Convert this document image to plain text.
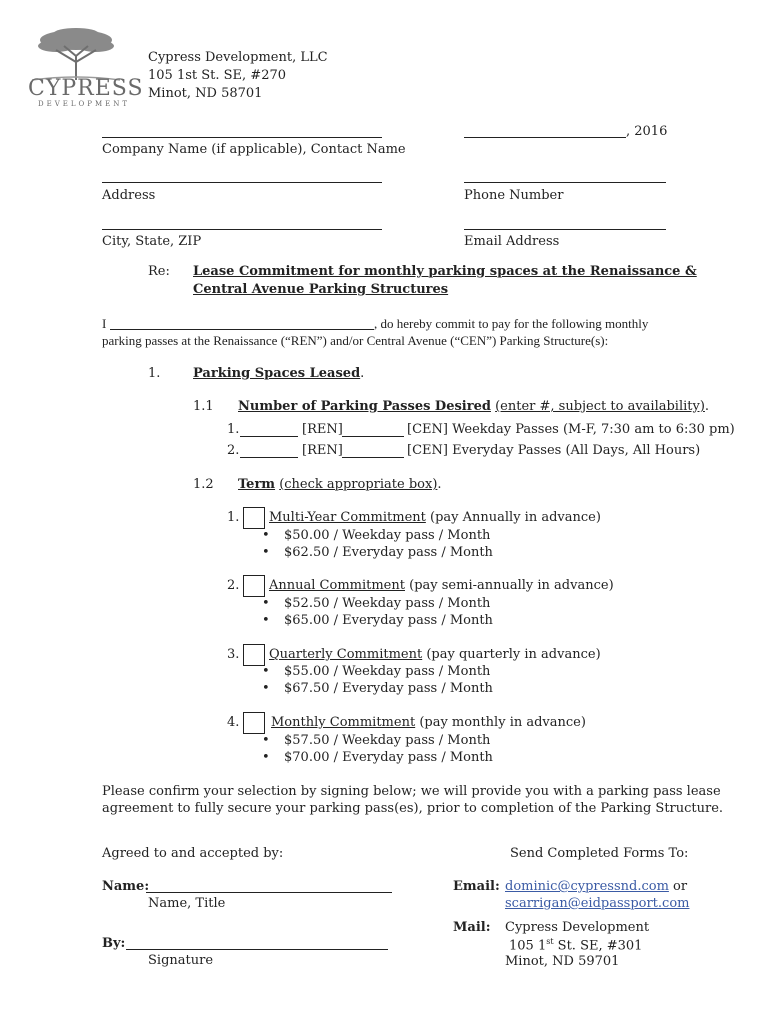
CYPRESS
DEVELOPMENT
Cypress Development, LLC
105 1st St. SE, #270
Minot, ND 58701
Company Name (if applicable), Contact Name
, 2016
Address	Phone Number
City, State, ZIP	Email Address
Re: Lease Commitment for monthly parking spaces at the Renaissance &
Central Avenue Parking Structures
I	, do hereby commit to pay for the following monthly
parking passes at the Renaissance (“REN”) and/or Central Avenue (“CEN”) Parking Structure(s):
1.	Parking Spaces Leased.
1.1 Number of Parking Passes Desired (enter #, subject to availability).
1.	[REN]	[CEN] Weekday Passes (M-F, 7:30 am to 6:30 pm)
2.	[REN]	[CEN] Everyday Passes (All Days, All Hours)
1.2 Term (check appropriate box).
1. Multi-Year Commitment (pay Annually in advance)
• $50.00 / Weekday pass / Month
• $62.50 / Everyday pass / Month
2. Annual Commitment (pay semi-annually in advance)
• $52.50 / Weekday pass / Month
• $65.00 / Everyday pass / Month
3. Quarterly Commitment (pay quarterly in advance)
• $55.00 / Weekday pass / Month
• $67.50 / Everyday pass / Month
4. Monthly Commitment (pay monthly in advance)
• $57.50 / Weekday pass / Month
• $70.00 / Everyday pass / Month
Please confirm your selection by signing below; we will provide you with a parking pass lease
agreement to fully secure your parking pass(es), prior to completion of the Parking Structure.
Agreed to and accepted by:	Send Completed Forms To:
Name:
Name, Title
By:
Signature
Email: dominic@cypressnd.com or
scarrigan@eidpassport.com
Mail: Cypress Development
105 1st St. SE, #301
Minot, ND 59701
